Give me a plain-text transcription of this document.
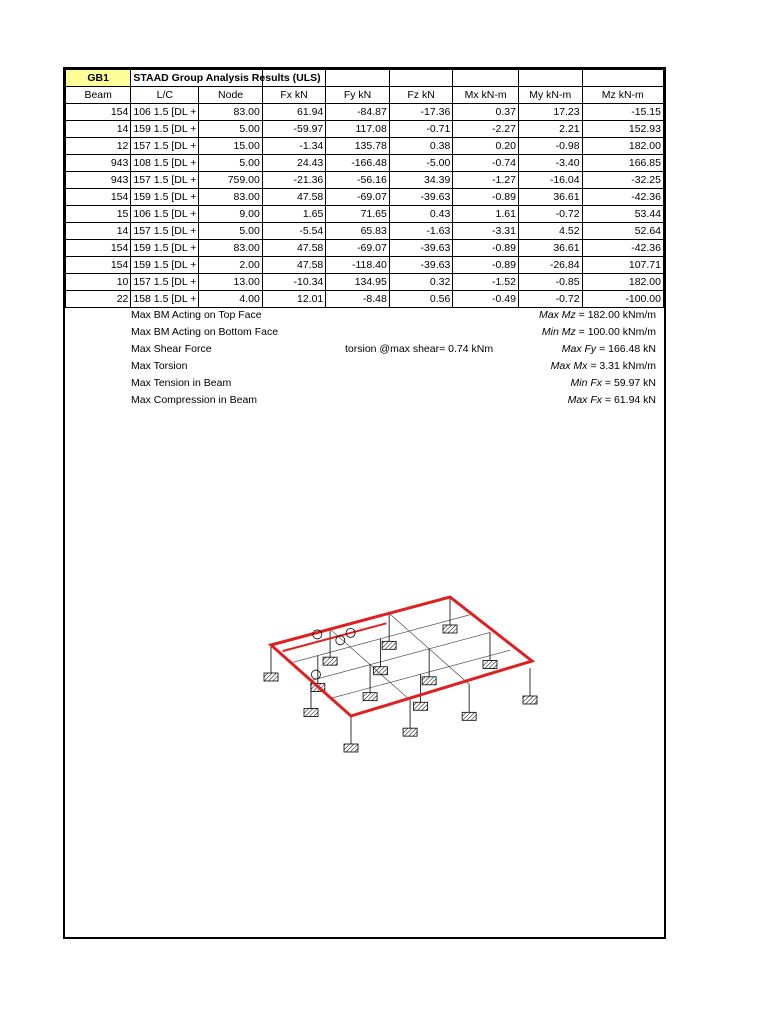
GB1	STAAD Group Analysis Results (ULS)							

Beam	L/C	Node	Fx kN	Fy kN	Fz kN	Mx kN-m	My kN-m	Mz kN-m
154	106 1.5 [DL +	83.00	61.94	-84.87	-17.36	0.37	17.23	-15.15
14	159 1.5 [DL +	5.00	-59.97	117.08	-0.71	-2.27	2.21	152.93
12	157 1.5 [DL +	15.00	-1.34	135.78	0.38	0.20	-0.98	182.00
943	108 1.5 [DL +	5.00	24.43	-166.48	-5.00	-0.74	-3.40	166.85
943	157 1.5 [DL +	759.00	-21.36	-56.16	34.39	-1.27	-16.04	-32.25
154	159 1.5 [DL +	83.00	47.58	-69.07	-39.63	-0.89	36.61	-42.36
15	106 1.5 [DL +	9.00	1.65	71.65	0.43	1.61	-0.72	53.44
14	157 1.5 [DL +	5.00	-5.54	65.83	-1.63	-3.31	4.52	52.64
154	159 1.5 [DL +	83.00	47.58	-69.07	-39.63	-0.89	36.61	-42.36
154	159 1.5 [DL +	2.00	47.58	-118.40	-39.63	-0.89	-26.84	107.71
10	157 1.5 [DL +	13.00	-10.34	134.95	0.32	-1.52	-0.85	182.00
22	158 1.5 [DL +	4.00	12.01	-8.48	0.56	-0.49	-0.72	-100.00
Max BM Acting on Top Face	Max Mz = 182.00 kNm/m
Max BM Acting on Bottom Face	Min Mz = 100.00 kNm/m
Max Shear Force	torsion @max shear= 0.74 kNm	Max Fy = 166.48 kN
Max Torsion	Max Mx = 3.31 kNm/m
Max Tension in Beam	Min Fx = 59.97 kN
Max Compression in Beam	Max Fx = 61.94 kN
